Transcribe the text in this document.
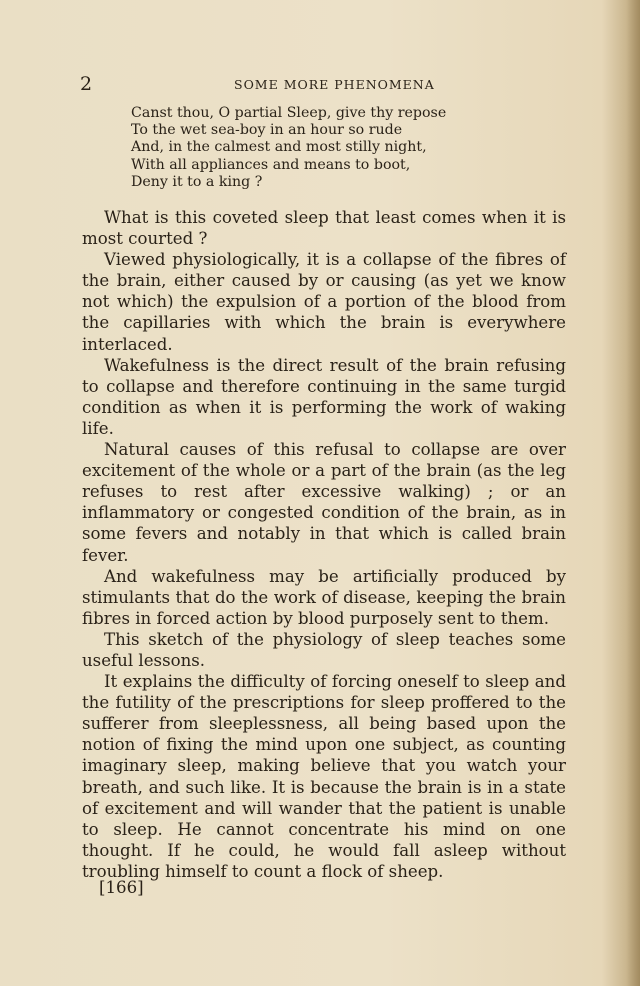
2	SOME MORE PHENOMENA
Canst thou, O partial Sleep, give thy repose
To the wet sea-boy in an hour so rude
And, in the calmest and most stilly night,
With all appliances and means to boot,
Deny it to a king ?

What is this coveted sleep that least comes when it is most courted ?

Viewed physiologically, it is a collapse of the fibres of the brain, either caused by or causing (as yet we know not which) the expulsion of a portion of the blood from the capillaries with which the brain is everywhere interlaced.

Wakefulness is the direct result of the brain refusing to collapse and therefore continuing in the same turgid condition as when it is performing the work of waking life.

Natural causes of this refusal to collapse are over excitement of the whole or a part of the brain (as the leg refuses to rest after excessive walking) ; or an inflammatory or congested condition of the brain, as in some fevers and notably in that which is called brain fever.

And wakefulness may be artificially produced by stimulants that do the work of disease, keeping the brain fibres in forced action by blood purposely sent to them.

This sketch of the physiology of sleep teaches some useful lessons.

It explains the difficulty of forcing oneself to sleep and the futility of the prescriptions for sleep proffered to the sufferer from sleeplessness, all being based upon the notion of fixing the mind upon one subject, as counting imaginary sleep, making believe that you watch your breath, and such like. It is because the brain is in a state of excitement and will wander that the patient is unable to sleep. He cannot concentrate his mind on one thought. If he could, he would fall asleep without troubling himself to count a flock of sheep.

[166]
